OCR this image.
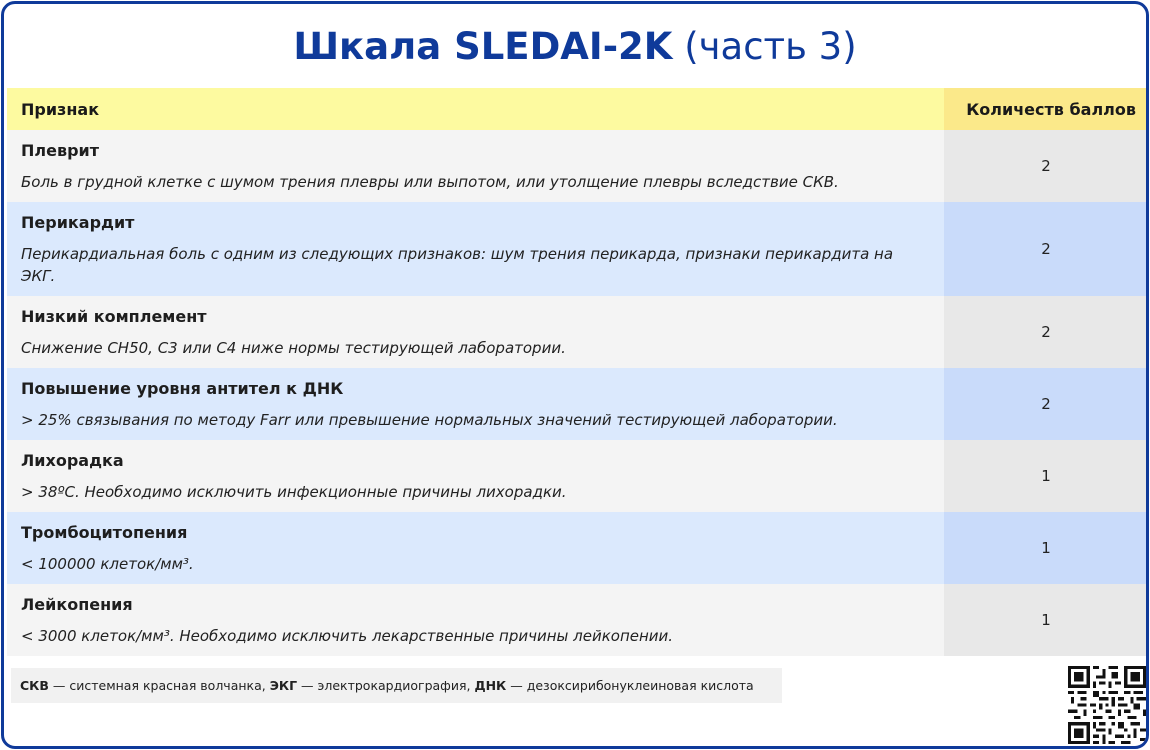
Шкала SLEDAI-2K (часть 3)
Признак	Количеств баллов

Плеврит
Боль в грудной клетке с шумом трения плевры или выпотом, или утолщение плевры вследствие СКВ.	2

Перикардит
Перикардиальная боль с одним из следующих признаков: шум трения перикарда, признаки перикардита на ЭКГ.	2

Низкий комплемент
Снижение CH50, C3 или C4 ниже нормы тестирующей лаборатории.	2

Повышение уровня антител к ДНК
> 25% связывания по методу Farr или превышение нормальных значений тестирующей лаборатории.	2

Лихорадка
> 38ºC. Необходимо исключить инфекционные причины лихорадки.	1

Тромбоцитопения
< 100000 клеток/мм³.	1

Лейкопения
< 3000 клеток/мм³. Необходимо исключить лекарственные причины лейкопении.	1
СКВ — системная красная волчанка, ЭКГ — электрокардиография, ДНК — дезоксирибонуклеиновая кислота
